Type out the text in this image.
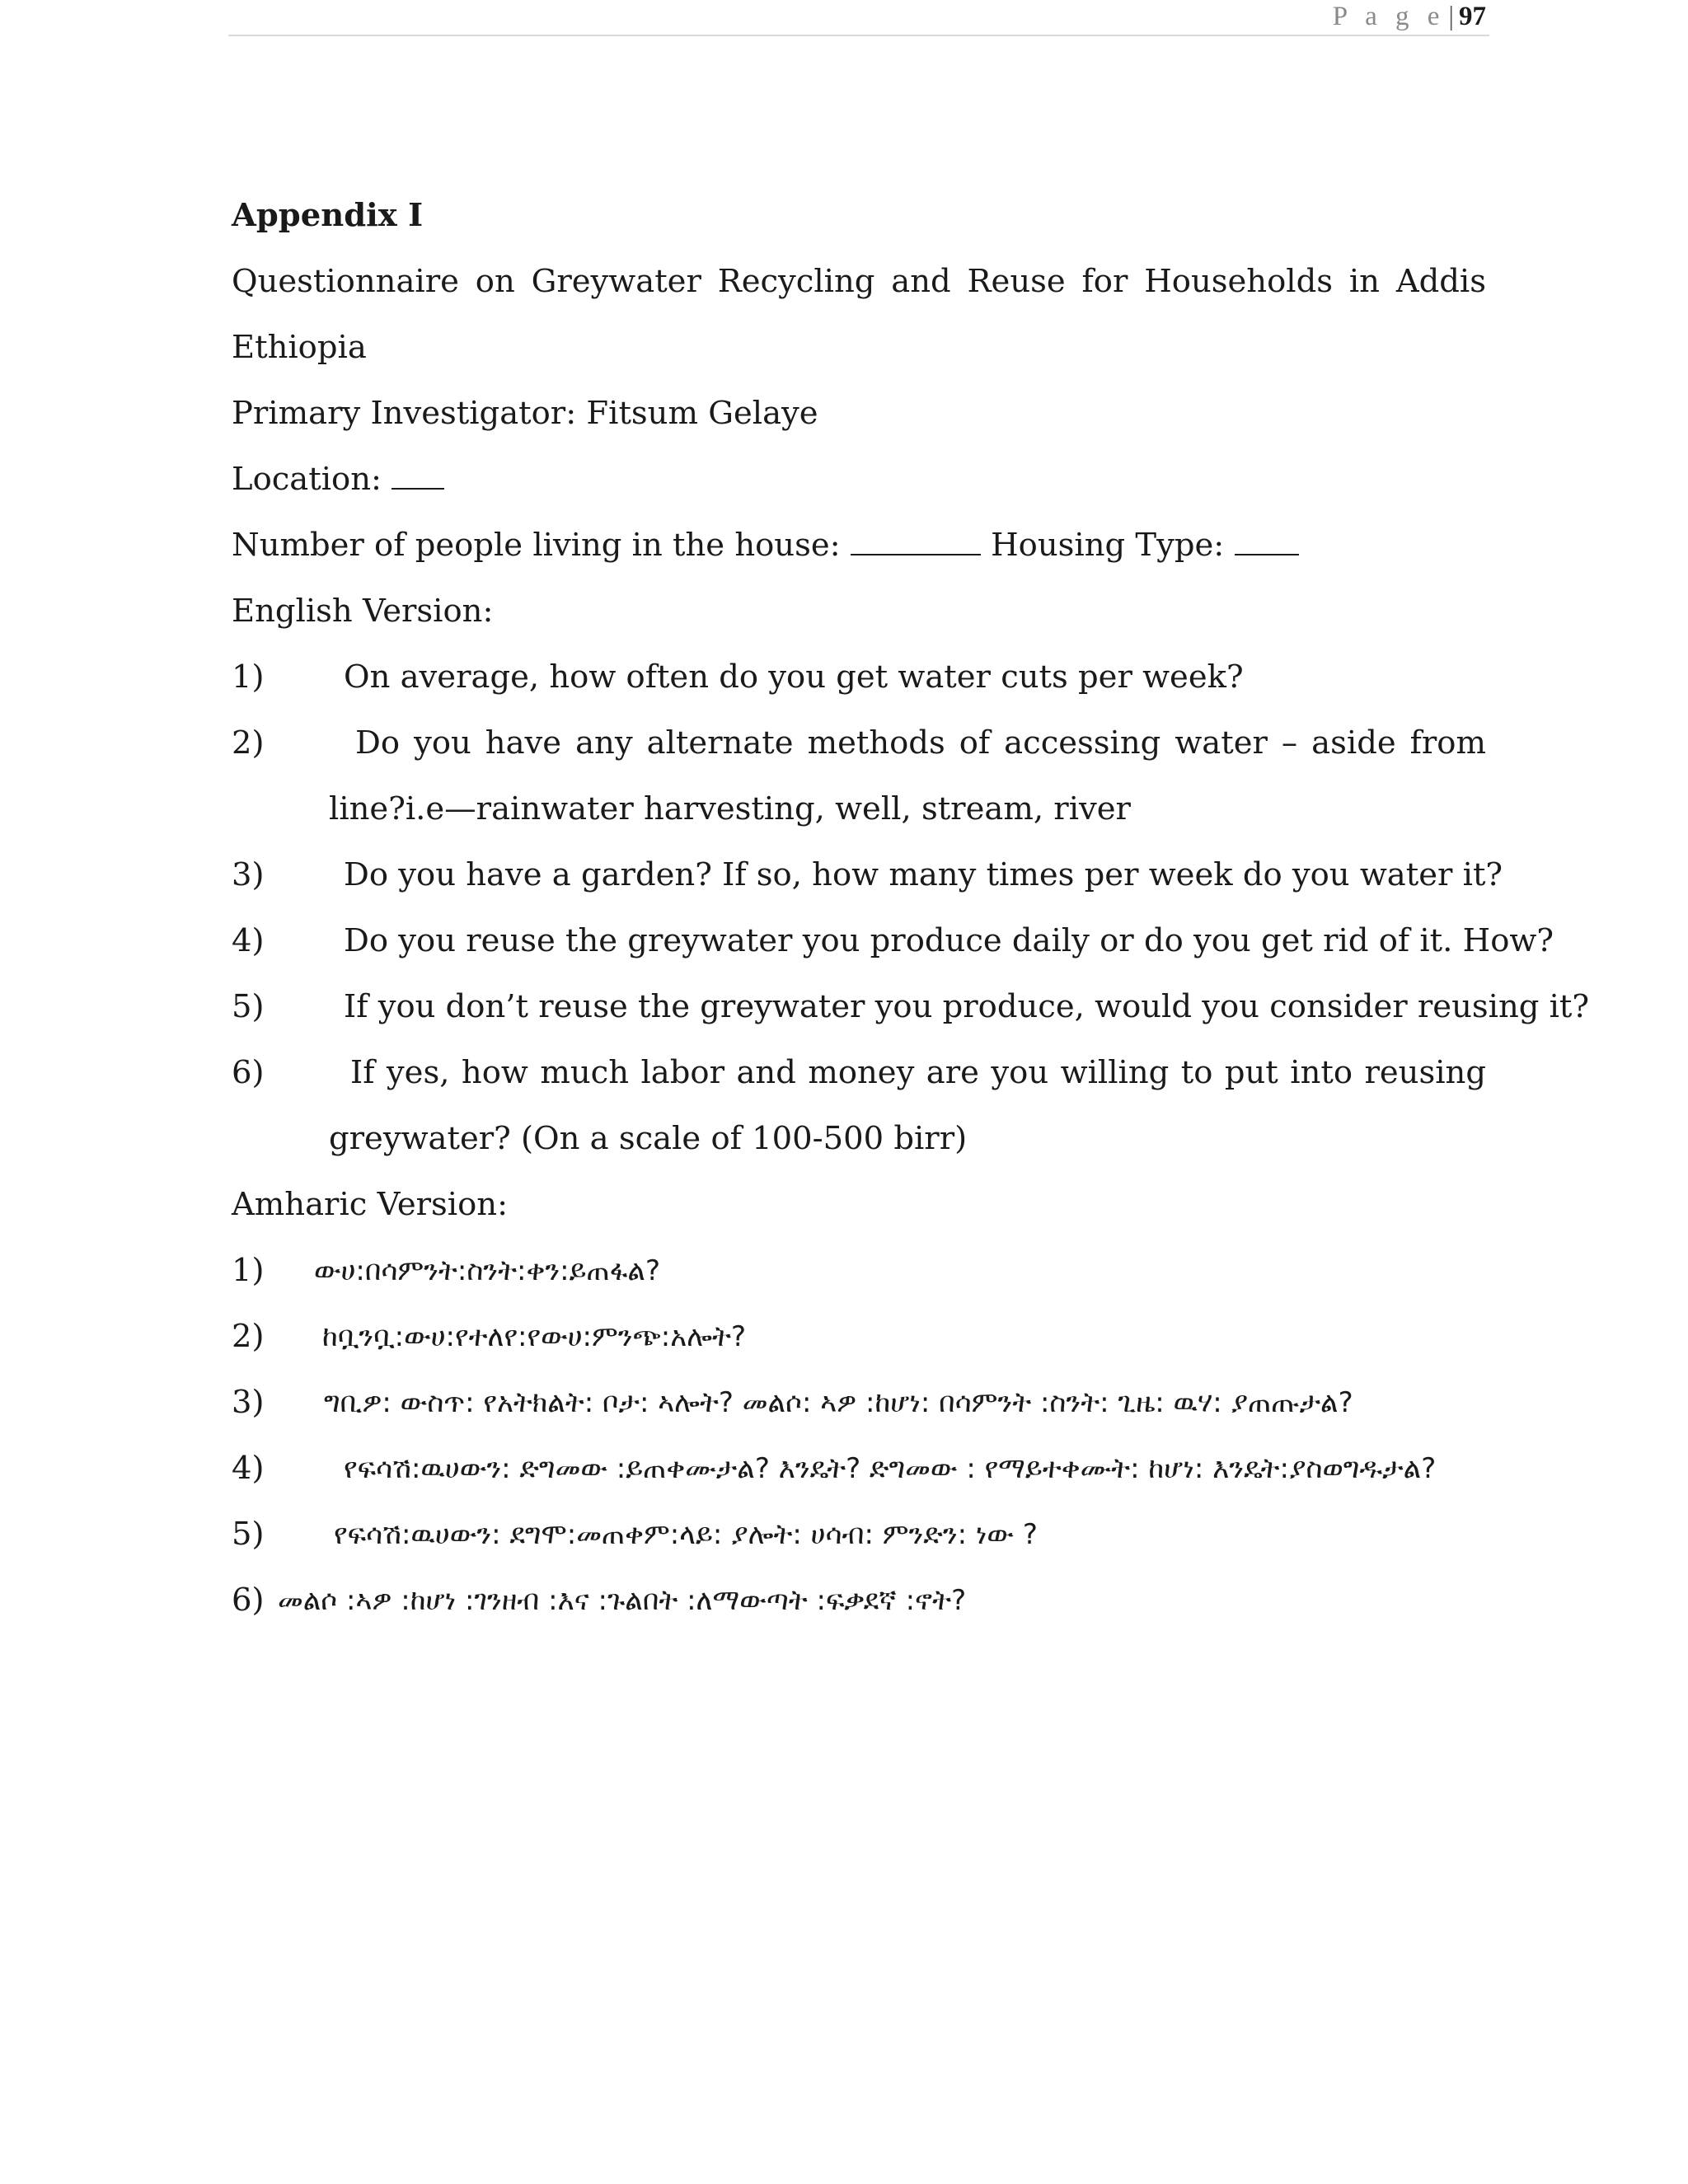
P a g e | 97
Appendix I
Questionnaire on Greywater Recycling and Reuse for Households in Addis
Ethiopia
Primary Investigator: Fitsum Gelaye
Location:
Number of people living in the house:	Housing Type:
English Version:
1)	On average, how often do you get water cuts per week?
2)	Do you have any alternate methods of accessing water – aside from
line?i.e—rainwater harvesting, well, stream, river
3)	Do you have a garden? If so, how many times per week do you water it?
4)	Do you reuse the greywater you produce daily or do you get rid of it. How?
5)	If you don’t reuse the greywater you produce, would you consider reusing it?
6)	If yes, how much labor and money are you willing to put into reusing
greywater? (On a scale of 100-500 birr)
Amharic Version:
1)	ውሀ:በሳምንት:ስንት:ቀን:ይጠፋል?
2)	ከቧንቧ:ውሀ:የተለየ:የውሀ:ምንጭ:አሎት?
3)	ግቢዎ: ውስጥ: የአትክልት: ቦታ: ኣሎት? መልሶ: ኣዎ :ከሆነ: በሳምንት :ስንት: ጊዜ: ዉሃ: ያጠጡታል?
4)	የፍሳሽ:ዉሀውን: ድግመው :ይጠቀሙታል? እንዴት? ድግመው : የማይተቀሙት: ከሆነ: እንዴት:ያስወግዱታል?
5)	የፍሳሽ:ዉሀውን: ደግሞ:መጠቀም:ላይ: ያሎት: ሀሳብ: ምንድን: ነው ?
6) መልሶ :ኣዎ :ከሆነ :ገንዘብ :እና :ጉልበት :ለማውጣት :ፍቃደኛ :ኖት?
